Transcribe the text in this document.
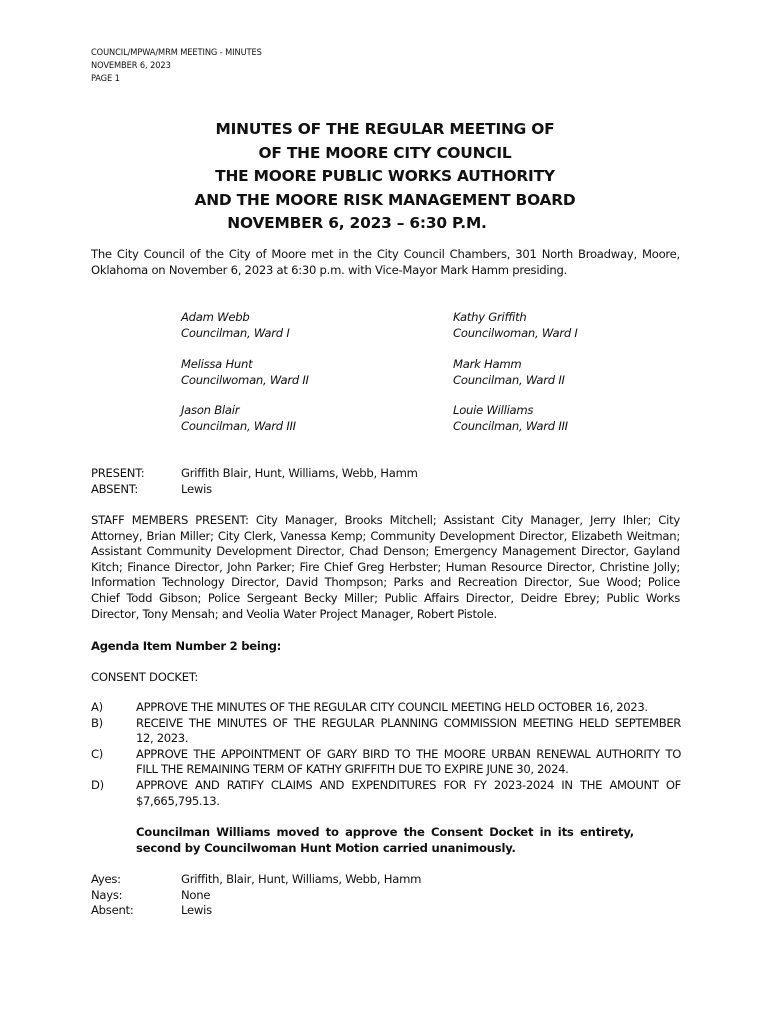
COUNCIL/MPWA/MRM MEETING - MINUTES
NOVEMBER 6, 2023
PAGE 1
MINUTES OF THE REGULAR MEETING OF
OF THE MOORE CITY COUNCIL
THE MOORE PUBLIC WORKS AUTHORITY
AND THE MOORE RISK MANAGEMENT BOARD
NOVEMBER 6, 2023 – 6:30 P.M.
The City Council of the City of Moore met in the City Council Chambers, 301 North Broadway, Moore,
Oklahoma on November 6, 2023 at 6:30 p.m. with Vice-Mayor Mark Hamm presiding.
Adam Webb
Councilman, Ward I
Kathy Griffith
Councilwoman, Ward I
Melissa Hunt
Councilwoman, Ward II
Mark Hamm
Councilman, Ward II
Jason Blair
Councilman, Ward III
Louie Williams
Councilman, Ward III
PRESENT:	Griffith Blair, Hunt, Williams, Webb, Hamm
ABSENT:	Lewis
STAFF MEMBERS PRESENT: City Manager, Brooks Mitchell; Assistant City Manager, Jerry Ihler; City
Attorney, Brian Miller; City Clerk, Vanessa Kemp; Community Development Director, Elizabeth Weitman;
Assistant Community Development Director, Chad Denson; Emergency Management Director, Gayland
Kitch; Finance Director, John Parker; Fire Chief Greg Herbster; Human Resource Director, Christine Jolly;
Information Technology Director, David Thompson; Parks and Recreation Director, Sue Wood; Police
Chief Todd Gibson; Police Sergeant Becky Miller; Public Affairs Director, Deidre Ebrey; Public Works
Director, Tony Mensah; and Veolia Water Project Manager, Robert Pistole.
Agenda Item Number 2 being:
CONSENT DOCKET:
A)	APPROVE THE MINUTES OF THE REGULAR CITY COUNCIL MEETING HELD OCTOBER 16, 2023.
B)	RECEIVE THE MINUTES OF THE REGULAR PLANNING COMMISSION MEETING HELD SEPTEMBER
12, 2023.
C)	APPROVE THE APPOINTMENT OF GARY BIRD TO THE MOORE URBAN RENEWAL AUTHORITY TO
FILL THE REMAINING TERM OF KATHY GRIFFITH DUE TO EXPIRE JUNE 30, 2024.
D)	APPROVE AND RATIFY CLAIMS AND EXPENDITURES FOR FY 2023-2024 IN THE AMOUNT OF
$7,665,795.13.
Councilman Williams moved to approve the Consent Docket in its entirety,
second by Councilwoman Hunt Motion carried unanimously.
Ayes:	Griffith, Blair, Hunt, Williams, Webb, Hamm
Nays:	None
Absent:	Lewis
